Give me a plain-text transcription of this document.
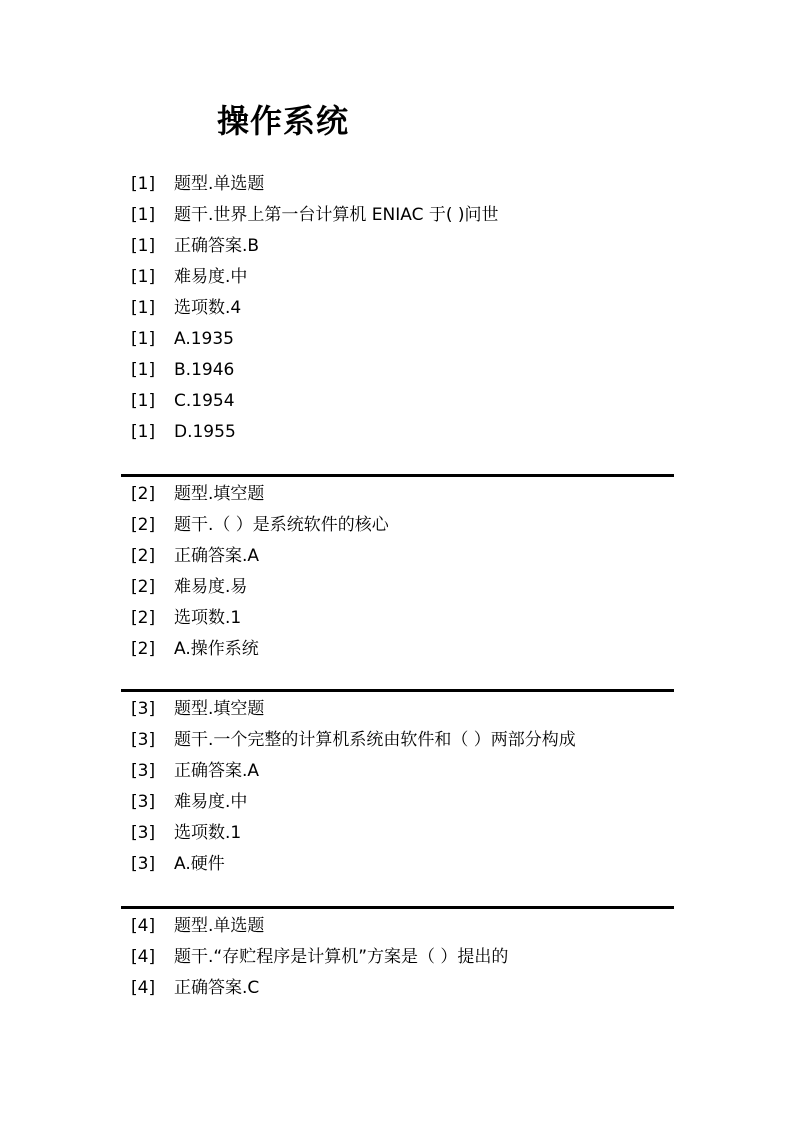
操作系统
[1] 题型.单选题
[1] 题干.世界上第一台计算机 ENIAC 于( )问世
[1] 正确答案.B
[1] 难易度.中
[1] 选项数.4
[1] A.1935
[1] B.1946
[1] C.1954
[1] D.1955
[2] 题型.填空题
[2] 题干.（ ）是系统软件的核心
[2] 正确答案.A
[2] 难易度.易
[2] 选项数.1
[2] A.操作系统
[3] 题型.填空题
[3] 题干.一个完整的计算机系统由软件和（ ）两部分构成
[3] 正确答案.A
[3] 难易度.中
[3] 选项数.1
[3] A.硬件
[4] 题型.单选题
[4] 题干.“存贮程序是计算机”方案是（ ）提出的
[4] 正确答案.C
